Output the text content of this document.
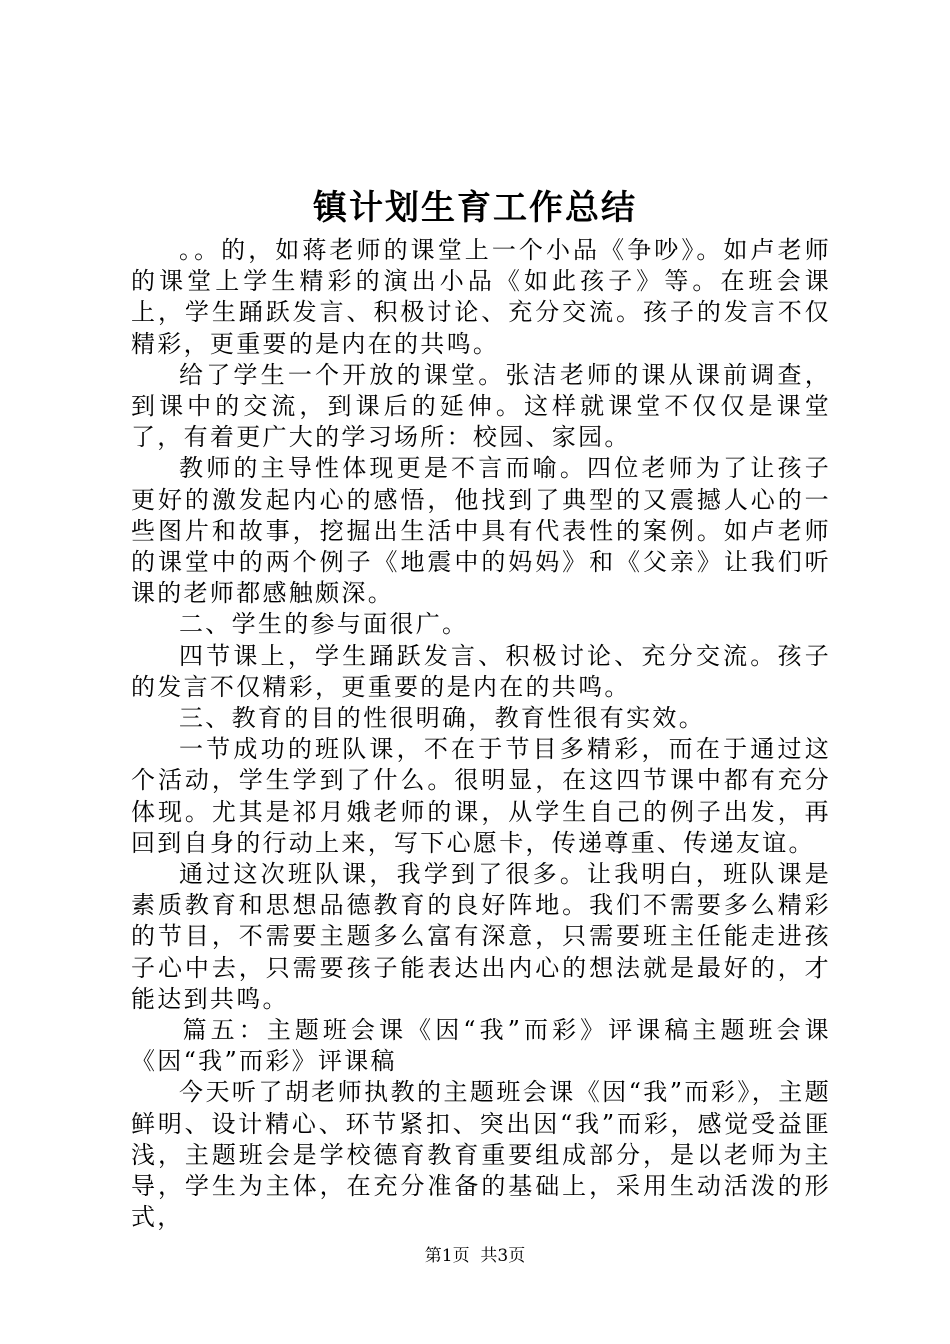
镇计划生育工作总结

。。的，如蒋老师的课堂上一个小品《争吵》。如卢老师的课堂上学生精彩的演出小品《如此孩子》等。在班会课上，学生踊跃发言、积极讨论、充分交流。孩子的发言不仅精彩，更重要的是内在的共鸣。

给了学生一个开放的课堂。张洁老师的课从课前调查，到课中的交流，到课后的延伸。这样就课堂不仅仅是课堂了，有着更广大的学习场所：校园、家园。

教师的主导性体现更是不言而喻。四位老师为了让孩子更好的激发起内心的感悟，他找到了典型的又震撼人心的一些图片和故事，挖掘出生活中具有代表性的案例。如卢老师的课堂中的两个例子《地震中的妈妈》和《父亲》让我们听课的老师都感触颇深。

二、学生的参与面很广。

四节课上，学生踊跃发言、积极讨论、充分交流。孩子的发言不仅精彩，更重要的是内在的共鸣。

三、教育的目的性很明确，教育性很有实效。

一节成功的班队课，不在于节目多精彩，而在于通过这个活动，学生学到了什么。很明显，在这四节课中都有充分体现。尤其是祁月娥老师的课，从学生自己的例子出发，再回到自身的行动上来，写下心愿卡，传递尊重、传递友谊。

通过这次班队课，我学到了很多。让我明白，班队课是素质教育和思想品德教育的良好阵地。我们不需要多么精彩的节目，不需要主题多么富有深意，只需要班主任能走进孩子心中去，只需要孩子能表达出内心的想法就是最好的，才能达到共鸣。

篇五：主题班会课《因“我”而彩》评课稿主题班会课《因“我”而彩》评课稿

今天听了胡老师执教的主题班会课《因“我”而彩》，主题鲜明、设计精心、环节紧扣、突出因“我”而彩，感觉受益匪浅，主题班会是学校德育教育重要组成部分，是以老师为主导，学生为主体，在充分准备的基础上，采用生动活泼的形式，

第1页 共3页
